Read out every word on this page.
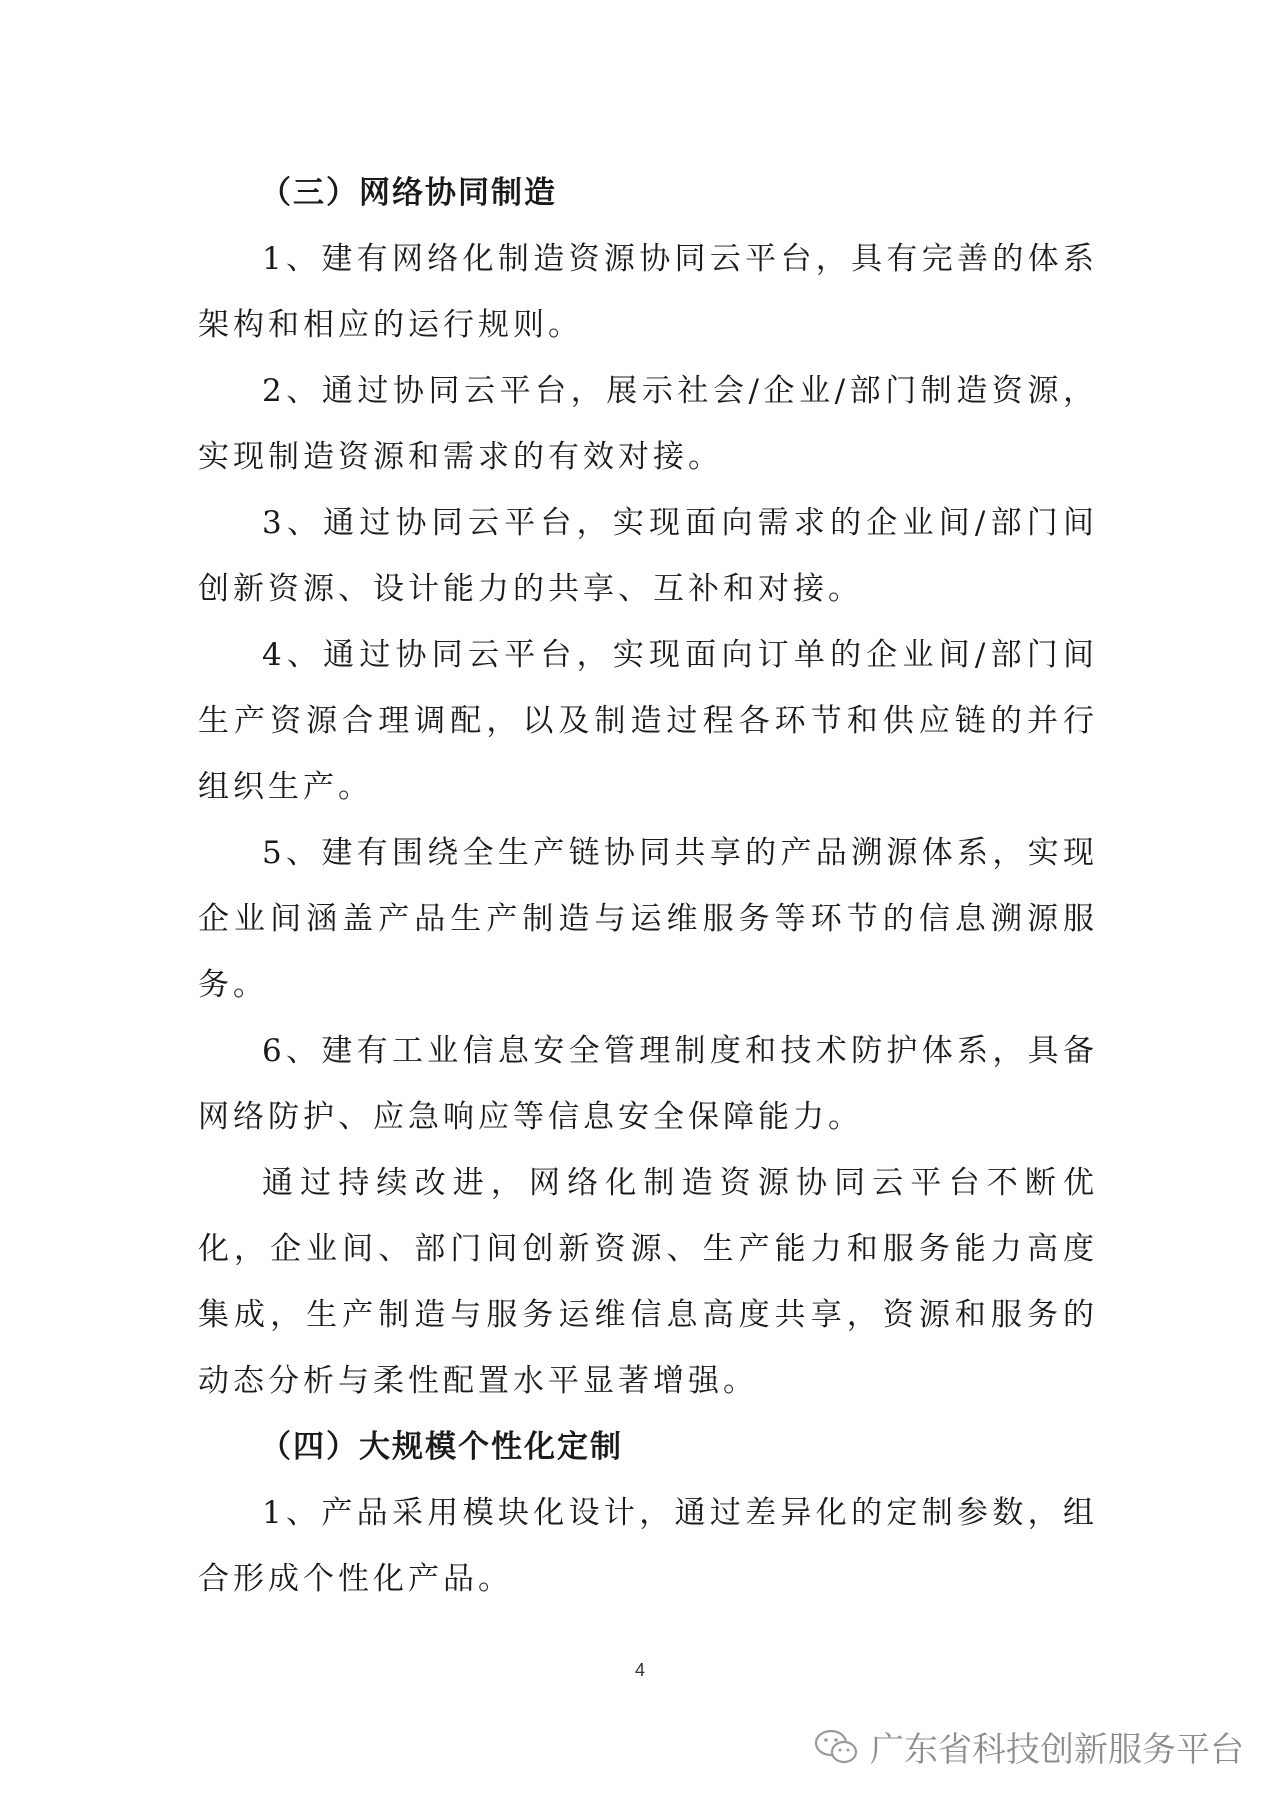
（三）网络协同制造

1、建有网络化制造资源协同云平台，具有完善的体系架构和相应的运行规则。

2、通过协同云平台，展示社会/企业/部门制造资源，实现制造资源和需求的有效对接。

3、通过协同云平台，实现面向需求的企业间/部门间创新资源、设计能力的共享、互补和对接。

4、通过协同云平台，实现面向订单的企业间/部门间生产资源合理调配，以及制造过程各环节和供应链的并行组织生产。

5、建有围绕全生产链协同共享的产品溯源体系，实现企业间涵盖产品生产制造与运维服务等环节的信息溯源服务。

6、建有工业信息安全管理制度和技术防护体系，具备网络防护、应急响应等信息安全保障能力。

通过持续改进，网络化制造资源协同云平台不断优化，企业间、部门间创新资源、生产能力和服务能力高度集成，生产制造与服务运维信息高度共享，资源和服务的动态分析与柔性配置水平显著增强。

（四）大规模个性化定制

1、产品采用模块化设计，通过差异化的定制参数，组合形成个性化产品。

4
广东省科技创新服务平台
